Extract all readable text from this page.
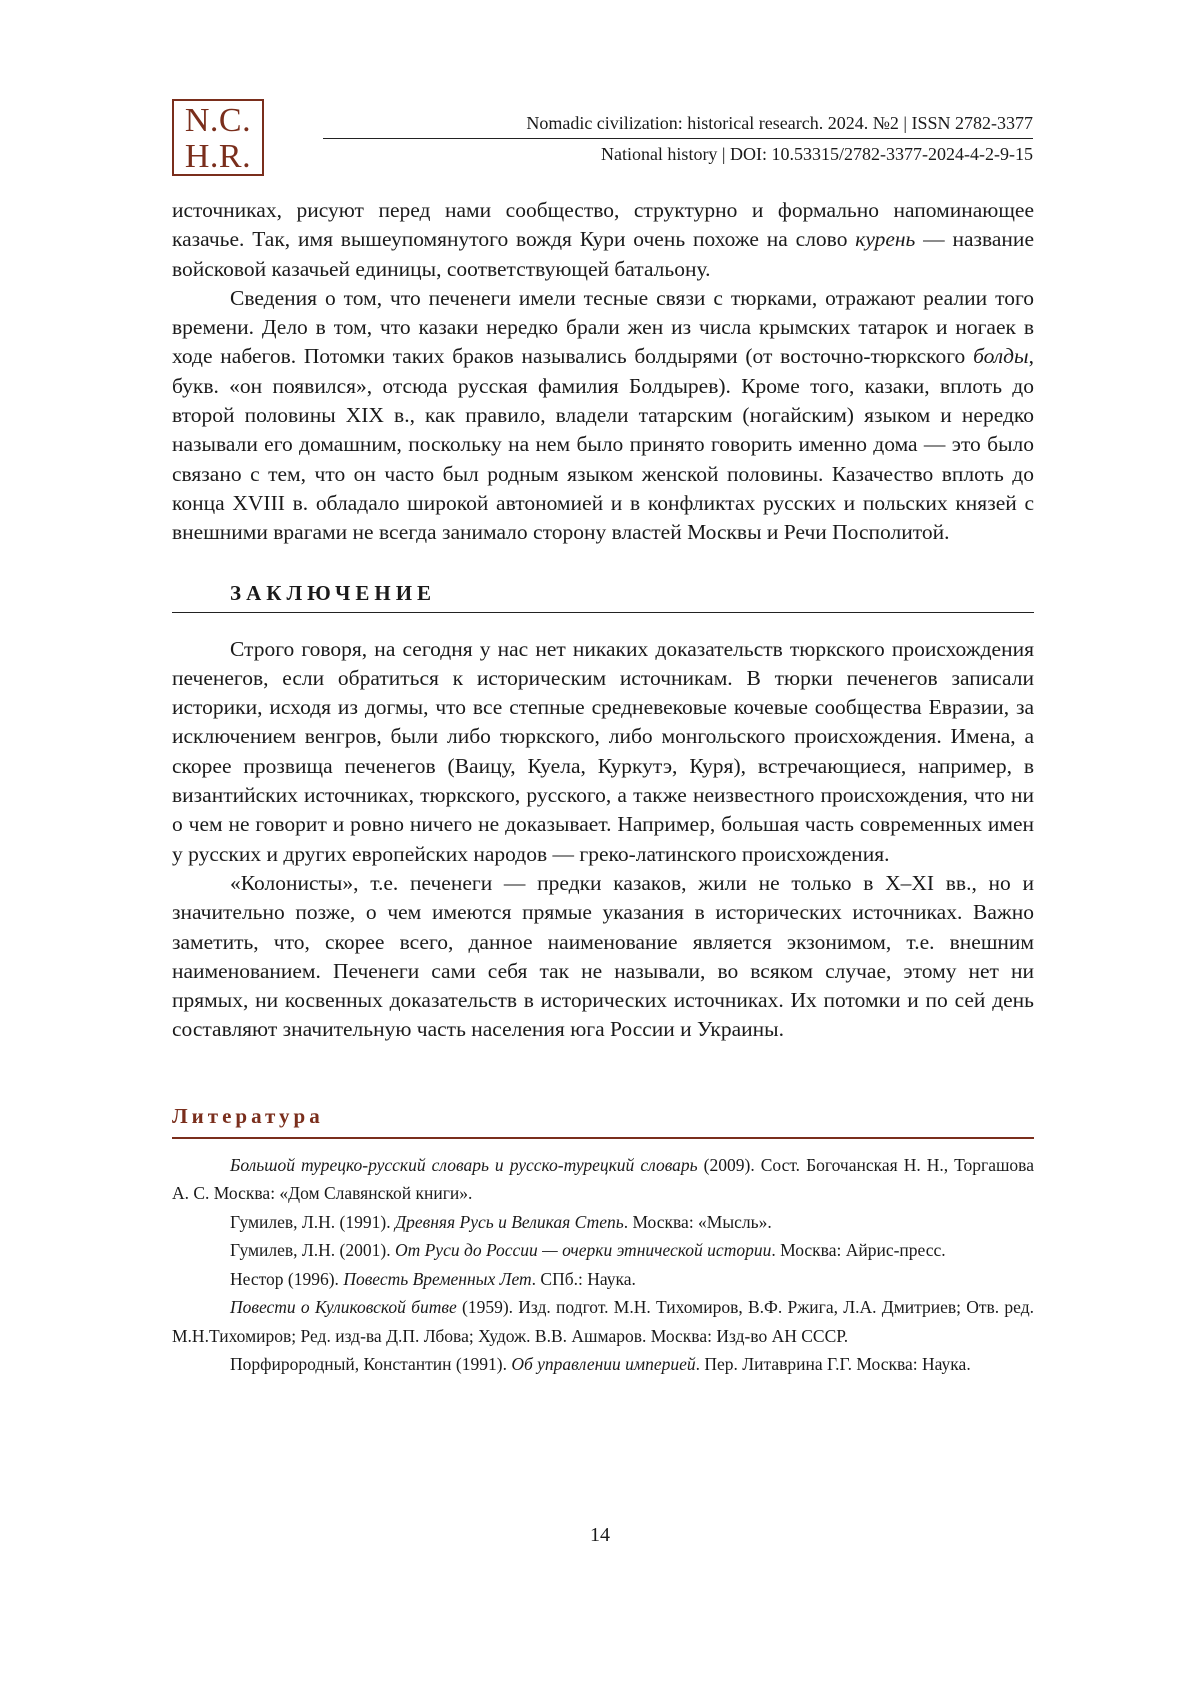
N.C.
H.R.
Nomadic civilization: historical research. 2024. №2 | ISSN 2782-3377
National history | DOI: 10.53315/2782-3377-2024-4-2-9-15

источниках, рисуют перед нами сообщество, структурно и формально напоминающее казачье. Так, имя вышеупомянутого вождя Кури очень похоже на слово курень — название войсковой казачьей единицы, соответствующей батальону.

Сведения о том, что печенеги имели тесные связи с тюрками, отражают реалии того времени. Дело в том, что казаки нередко брали жен из числа крымских татарок и ногаек в ходе набегов. Потомки таких браков назывались болдырями (от восточно-тюркского болды, букв. «он появился», отсюда русская фамилия Болдырев). Кроме того, казаки, вплоть до второй половины XIX в., как правило, владели татарским (ногайским) языком и нередко называли его домашним, поскольку на нем было принято говорить именно дома — это было связано с тем, что он часто был родным языком женской половины. Казачество вплоть до конца XVIII в. обладало широкой автономией и в конфликтах русских и польских князей с внешними врагами не всегда занимало сторону властей Москвы и Речи Посполитой.

ЗАКЛЮЧЕНИЕ

Строго говоря, на сегодня у нас нет никаких доказательств тюркского происхождения печенегов, если обратиться к историческим источникам. В тюрки печенегов записали историки, исходя из догмы, что все степные средневековые кочевые сообщества Евразии, за исключением венгров, были либо тюркского, либо монгольского происхождения. Имена, а скорее прозвища печенегов (Ваицу, Куела, Куркутэ, Куря), встречающиеся, например, в византийских источниках, тюркского, русского, а также неизвестного происхождения, что ни о чем не говорит и ровно ничего не доказывает. Например, большая часть современных имен у русских и других европейских народов — греко-латинского происхождения.

«Колонисты», т.е. печенеги — предки казаков, жили не только в X–XI вв., но и значительно позже, о чем имеются прямые указания в исторических источниках. Важно заметить, что, скорее всего, данное наименование является экзонимом, т.е. внешним наименованием. Печенеги сами себя так не называли, во всяком случае, этому нет ни прямых, ни косвенных доказательств в исторических источниках. Их потомки и по сей день составляют значительную часть населения юга России и Украины.

Литература

Большой турецко-русский словарь и русско-турецкий словарь (2009). Сост. Богочанская Н. Н., Торгашова А. С. Москва: «Дом Славянской книги».

Гумилев, Л.Н. (1991). Древняя Русь и Великая Степь. Москва: «Мысль».

Гумилев, Л.Н. (2001). От Руси до России — очерки этнической истории. Москва: Айрис-пресс.

Нестор (1996). Повесть Временных Лет. СПб.: Наука.

Повести о Куликовской битве (1959). Изд. подгот. М.Н. Тихомиров, В.Ф. Ржига, Л.А. Дмитриев; Отв. ред. М.Н.Тихомиров; Ред. изд-ва Д.П. Лбова; Худож. В.В. Ашмаров. Москва: Изд-во АН СССР.

Порфирородный, Константин (1991). Об управлении империей. Пер. Литаврина Г.Г. Москва: Наука.

14
